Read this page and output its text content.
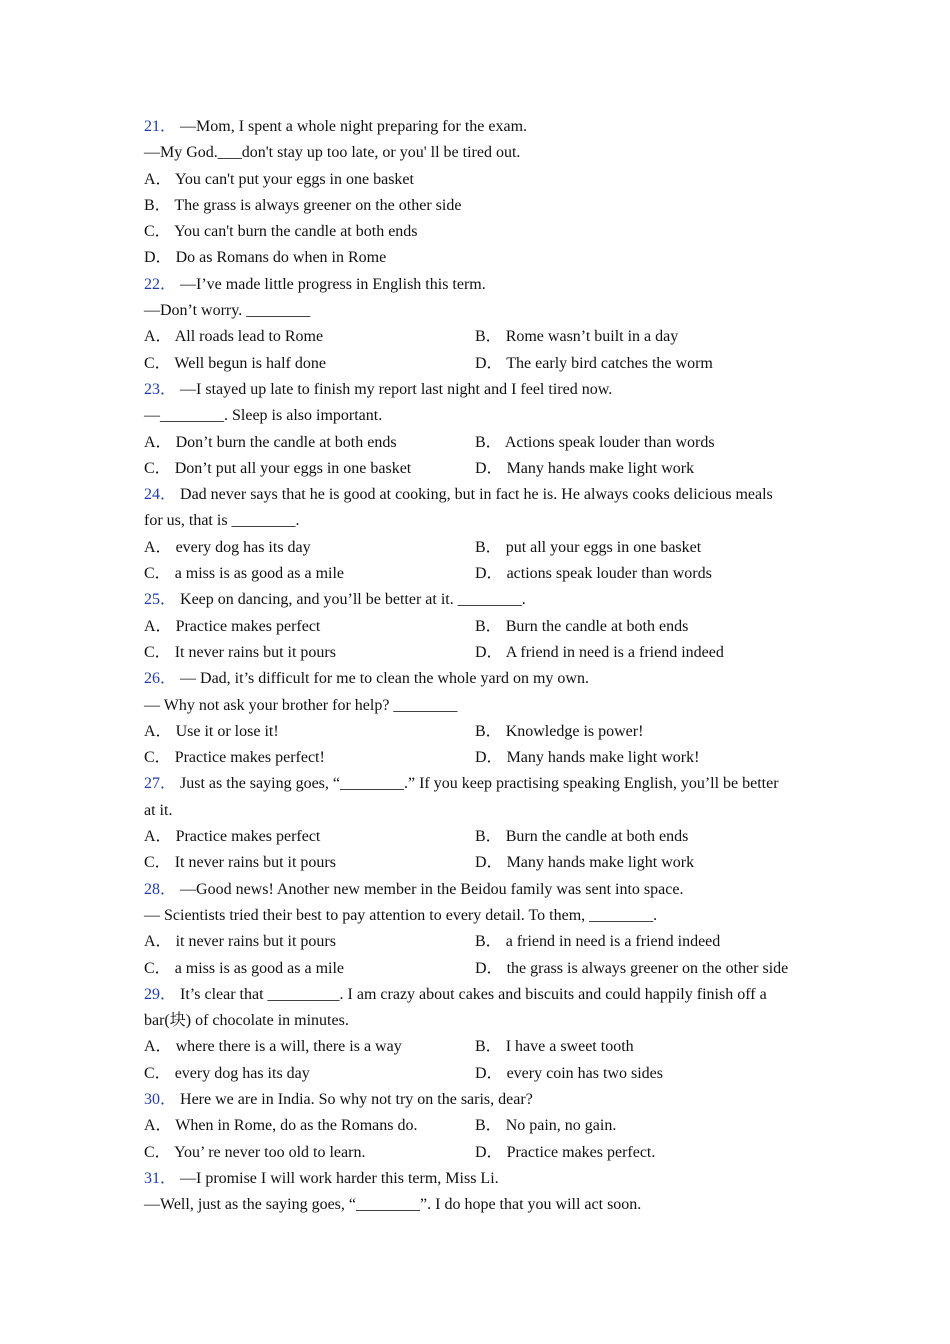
21． —Mom, I spent a whole night preparing for the exam.
—My God.___don't stay up too late, or you' ll be tired out.
A． You can't put your eggs in one basket
B． The grass is always greener on the other side
C． You can't burn the candle at both ends
D． Do as Romans do when in Rome
22． —I’ve made little progress in English this term.
—Don’t worry. ________
A． All roads lead to Rome	B． Rome wasn’t built in a day
C． Well begun is half done	D． The early bird catches the worm
23． —I stayed up late to finish my report last night and I feel tired now.
—________. Sleep is also important.
A． Don’t burn the candle at both ends	B． Actions speak louder than words
C． Don’t put all your eggs in one basket	D． Many hands make light work
24． Dad never says that he is good at cooking, but in fact he is. He always cooks delicious meals
for us, that is ________.
A． every dog has its day	B． put all your eggs in one basket
C． a miss is as good as a mile	D． actions speak louder than words
25． Keep on dancing, and you’ll be better at it. ________.
A． Practice makes perfect	B． Burn the candle at both ends
C． It never rains but it pours	D． A friend in need is a friend indeed
26． — Dad, it’s difficult for me to clean the whole yard on my own.
— Why not ask your brother for help? ________
A． Use it or lose it!	B． Knowledge is power!
C． Practice makes perfect!	D． Many hands make light work!
27． Just as the saying goes, “________.” If you keep practising speaking English, you’ll be better
at it.
A． Practice makes perfect	B． Burn the candle at both ends
C． It never rains but it pours	D． Many hands make light work
28． —Good news! Another new member in the Beidou family was sent into space.
— Scientists tried their best to pay attention to every detail. To them, ________.
A． it never rains but it pours	B． a friend in need is a friend indeed
C． a miss is as good as a mile	D． the grass is always greener on the other side
29． It’s clear that _________. I am crazy about cakes and biscuits and could happily finish off a
bar(块) of chocolate in minutes.
A． where there is a will, there is a way	B． I have a sweet tooth
C． every dog has its day	D． every coin has two sides
30． Here we are in India. So why not try on the saris, dear?
A． When in Rome, do as the Romans do.	B． No pain, no gain.
C． You’ re never too old to learn.	D． Practice makes perfect.
31． —I promise I will work harder this term, Miss Li.
—Well, just as the saying goes, “________”. I do hope that you will act soon.
